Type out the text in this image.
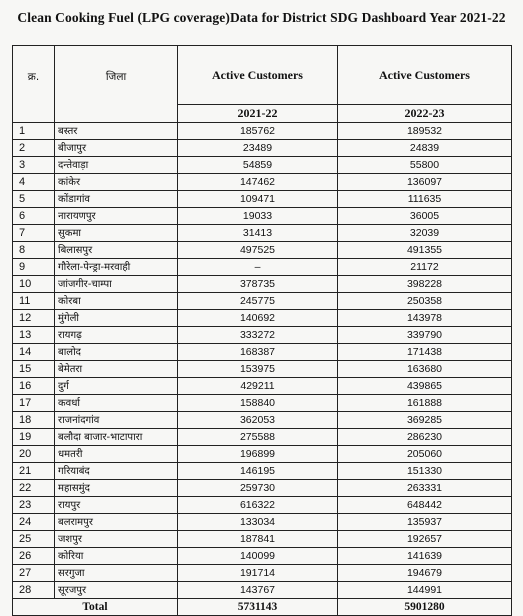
Clean Cooking Fuel (LPG coverage)Data for District SDG Dashboard Year 2021-22
क्र.	जिला	Active Customers	Active Customers
		2021-22	2022-23
1	बस्तर	185762	189532
2	बीजापुर	23489	24839
3	दन्तेवाड़ा	54859	55800
4	कांकेर	147462	136097
5	कोंडागांव	109471	111635
6	नारायणपुर	19033	36005
7	सुकमा	31413	32039
8	बिलासपुर	497525	491355
9	गौरेला-पेन्ड्रा-मरवाही	–	21172
10	जांजगीर-चाम्पा	378735	398228
11	कोरबा	245775	250358
12	मुंगेली	140692	143978
13	रायगढ़	333272	339790
14	बालोद	168387	171438
15	बेमेतरा	153975	163680
16	दुर्ग	429211	439865
17	कवर्धा	158840	161888
18	राजनांदगांव	362053	369285
19	बलौदा बाजार-भाटापारा	275588	286230
20	धमतरी	196899	205060
21	गरियाबंद	146195	151330
22	महासमुंद	259730	263331
23	रायपुर	616322	648442
24	बलरामपुर	133034	135937
25	जशपुर	187841	192657
26	कोरिया	140099	141639
27	सरगुजा	191714	194679
28	सूरजपुर	143767	144991
Total		5731143	5901280
